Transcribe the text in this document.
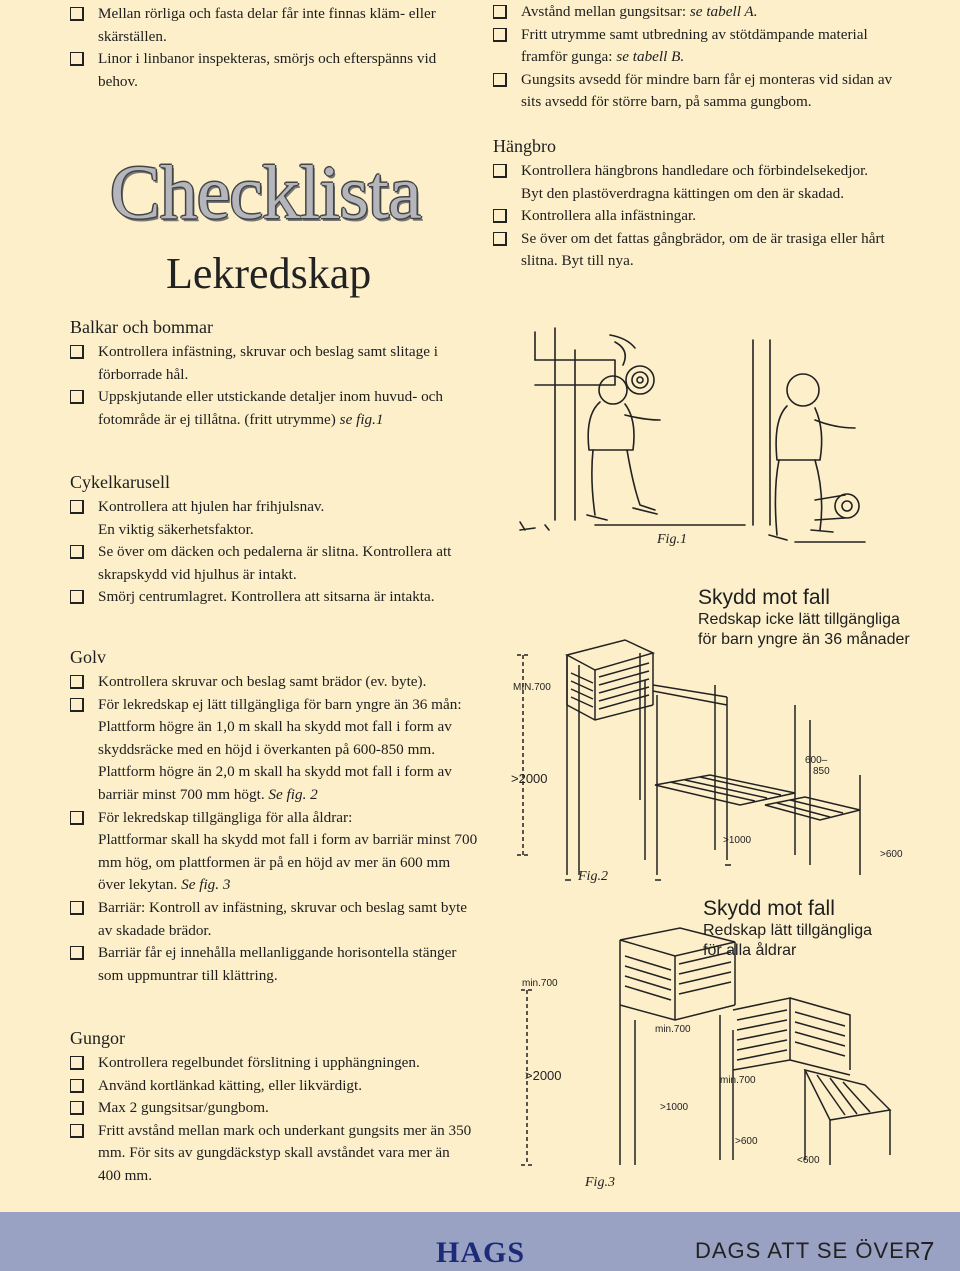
Mellan rörliga och fasta delar får inte finnas kläm- eller skärställen.
Linor i linbanor inspekteras, smörjs och efterspänns vid behov.
Avstånd mellan gungsitsar: se tabell A.
Fritt utrymme samt utbredning av stötdämpande material framför gunga: se tabell B.
Gungsits avsedd för mindre barn får ej monteras vid sidan av sits avsedd för större barn, på samma gungbom.
Checklista
Lekredskap
Hängbro
Kontrollera hängbrons handledare och förbindelsekedjor.
Byt den plastöverdragna kättingen om den är skadad.
Kontrollera alla infästningar.
Se över om det fattas gångbrädor, om de är trasiga eller hårt slitna. Byt till nya.
Balkar och bommar
Kontrollera infästning, skruvar och beslag samt slitage i förborrade hål.
Uppskjutande eller utstickande detaljer inom huvud- och fotområde är ej tillåtna. (fritt utrymme) se fig.1
Cykelkarusell
Kontrollera att hjulen har frihjulsnav.
En viktig säkerhetsfaktor.
Se över om däcken och pedalerna är slitna. Kontrollera att skrapskydd vid hjulhus är intakt.
Smörj centrumlagret. Kontrollera att sitsarna är intakta.
Golv
Kontrollera skruvar och beslag samt brädor (ev. byte).
För lekredskap ej lätt tillgängliga för barn yngre än 36 mån:
Plattform högre än 1,0 m skall ha skydd mot fall i form av skyddsräcke med en höjd i överkanten på 600-850 mm.
Plattform högre än 2,0 m skall ha skydd mot fall i form av barriär minst 700 mm högt. Se fig. 2
För lekredskap tillgängliga för alla åldrar:
Plattformar skall ha skydd mot fall i form av barriär minst 700 mm hög, om plattformen är på en höjd av mer än 600 mm över lekytan. Se fig. 3
Barriär: Kontroll av infästning, skruvar och beslag samt byte av skadade brädor.
Barriär får ej innehålla mellanliggande horisontella stänger som uppmuntrar till klättring.
Gungor
Kontrollera regelbundet förslitning i upphängningen.
Använd kortlänkad kätting, eller likvärdigt.
Max 2 gungsitsar/gungbom.
Fritt avstånd mellan mark och underkant gungsits mer än 350 mm. För sits av gungdäckstyp skall avståndet vara mer än 400 mm.
Fig.1
Skydd mot fall
Redskap icke lätt tillgängliga
för barn yngre än 36 månader
MIN.700
>2000
600–
850
>1000
>600
Fig.2
Skydd mot fall
Redskap lätt tillgängliga
för alla åldrar
min.700
>2000
min.700
min.700
>1000
>600
<600
Fig.3
HAGS	DAGS ATT SE ÖVER
7
